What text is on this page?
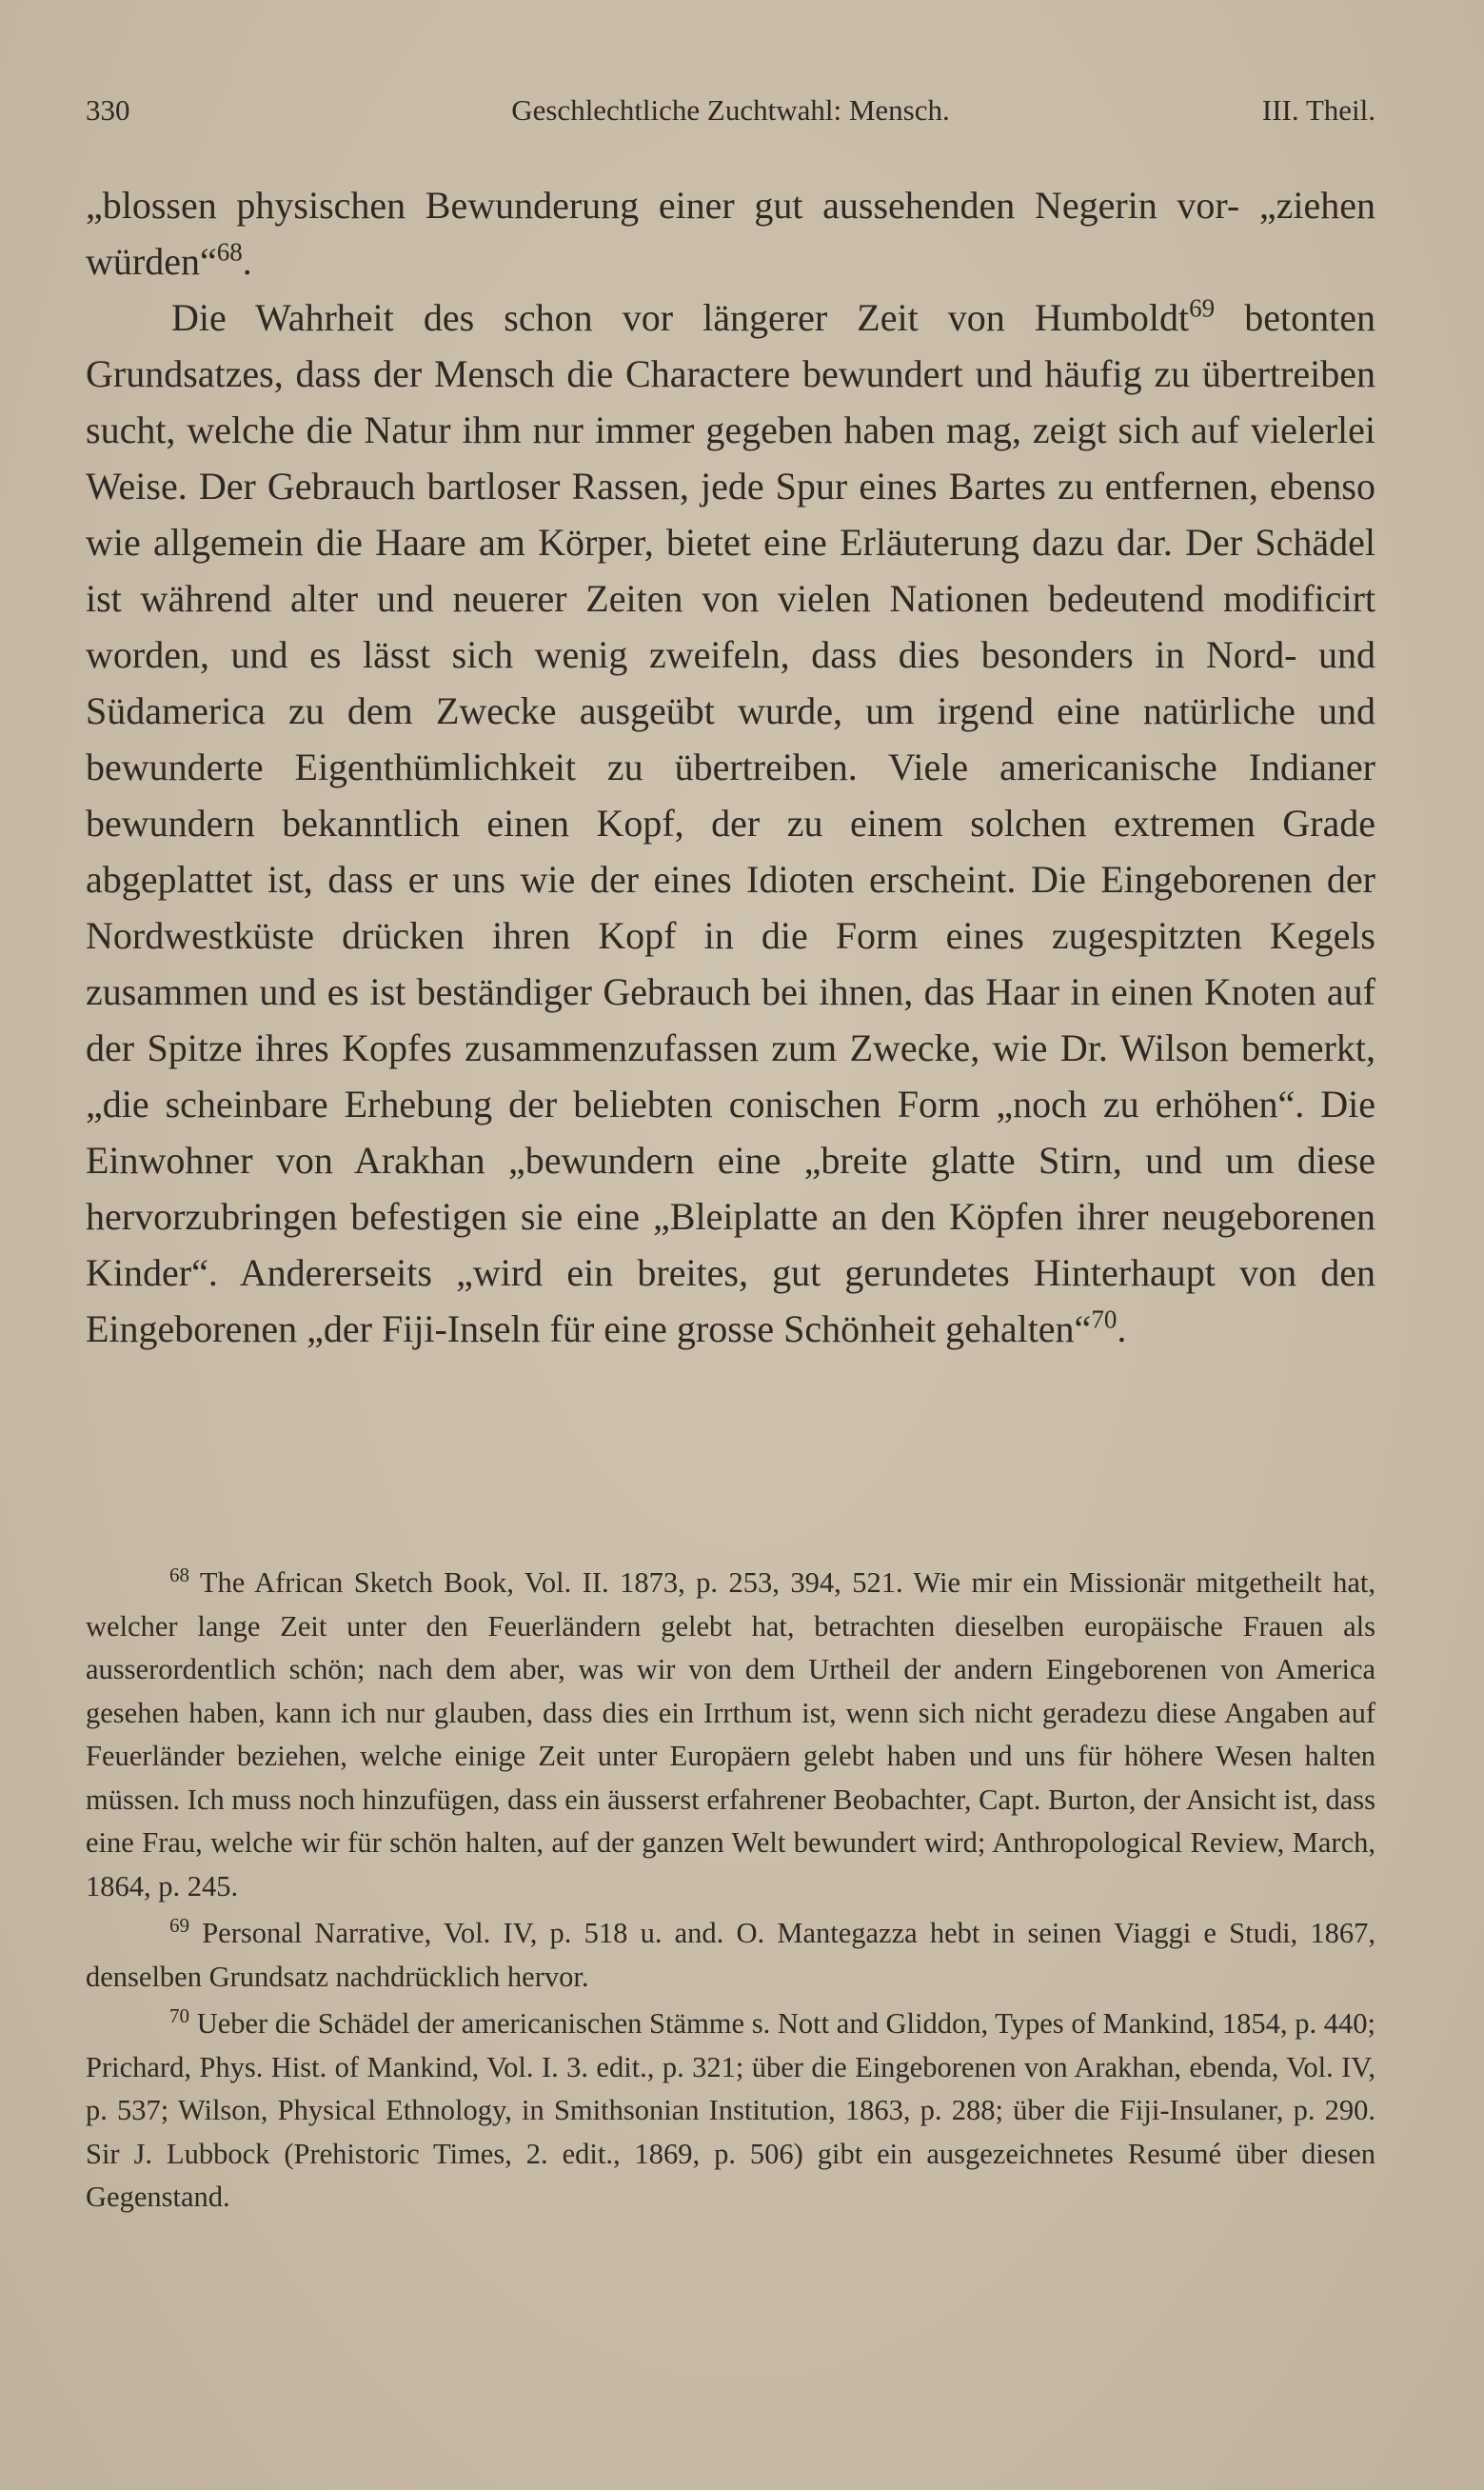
330	Geschlechtliche Zuchtwahl: Mensch.	III. Theil.

„blossen physischen Bewunderung einer gut aussehenden Negerin vor- „ziehen würden“$^{68}$.

Die Wahrheit des schon vor längerer Zeit von Humboldt$^{69}$ betonten Grundsatzes, dass der Mensch die Charactere bewundert und häufig zu übertreiben sucht, welche die Natur ihm nur immer gegeben haben mag, zeigt sich auf vielerlei Weise. Der Gebrauch bartloser Rassen, jede Spur eines Bartes zu entfernen, ebenso wie allgemein die Haare am Körper, bietet eine Erläuterung dazu dar. Der Schädel ist während alter und neuerer Zeiten von vielen Nationen bedeutend modificirt worden, und es lässt sich wenig zweifeln, dass dies besonders in Nord- und Südamerica zu dem Zwecke ausgeübt wurde, um irgend eine natürliche und bewunderte Eigenthümlichkeit zu übertreiben. Viele americanische Indianer bewundern bekanntlich einen Kopf, der zu einem solchen extremen Grade abgeplattet ist, dass er uns wie der eines Idioten erscheint. Die Eingeborenen der Nordwestküste drücken ihren Kopf in die Form eines zugespitzten Kegels zusammen und es ist beständiger Gebrauch bei ihnen, das Haar in einen Knoten auf der Spitze ihres Kopfes zusammenzufassen zum Zwecke, wie Dr. Wilson bemerkt, „die scheinbare Erhebung der beliebten conischen Form „noch zu erhöhen“. Die Einwohner von Arakhan „bewundern eine „breite glatte Stirn, und um diese hervorzubringen befestigen sie eine „Bleiplatte an den Köpfen ihrer neugeborenen Kinder“. Andererseits „wird ein breites, gut gerundetes Hinterhaupt von den Eingeborenen „der Fiji-Inseln für eine grosse Schönheit gehalten“$^{70}$.

$^{68}$ The African Sketch Book, Vol. II. 1873, p. 253, 394, 521. Wie mir ein Missionär mitgetheilt hat, welcher lange Zeit unter den Feuerländern gelebt hat, betrachten dieselben europäische Frauen als ausserordentlich schön; nach dem aber, was wir von dem Urtheil der andern Eingeborenen von America gesehen haben, kann ich nur glauben, dass dies ein Irrthum ist, wenn sich nicht geradezu diese Angaben auf Feuerländer beziehen, welche einige Zeit unter Europäern gelebt haben und uns für höhere Wesen halten müssen. Ich muss noch hinzufügen, dass ein äusserst erfahrener Beobachter, Capt. Burton, der Ansicht ist, dass eine Frau, welche wir für schön halten, auf der ganzen Welt bewundert wird; Anthropological Review, March, 1864, p. 245.

$^{69}$ Personal Narrative, Vol. IV, p. 518 u. and. O. Mantegazza hebt in seinen Viaggi e Studi, 1867, denselben Grundsatz nachdrücklich hervor.

$^{70}$ Ueber die Schädel der americanischen Stämme s. Nott and Gliddon, Types of Mankind, 1854, p. 440; Prichard, Phys. Hist. of Mankind, Vol. I. 3. edit., p. 321; über die Eingeborenen von Arakhan, ebenda, Vol. IV, p. 537; Wilson, Physical Ethnology, in Smithsonian Institution, 1863, p. 288; über die Fiji-Insulaner, p. 290. Sir J. Lubbock (Prehistoric Times, 2. edit., 1869, p. 506) gibt ein ausgezeichnetes Resumé über diesen Gegenstand.
